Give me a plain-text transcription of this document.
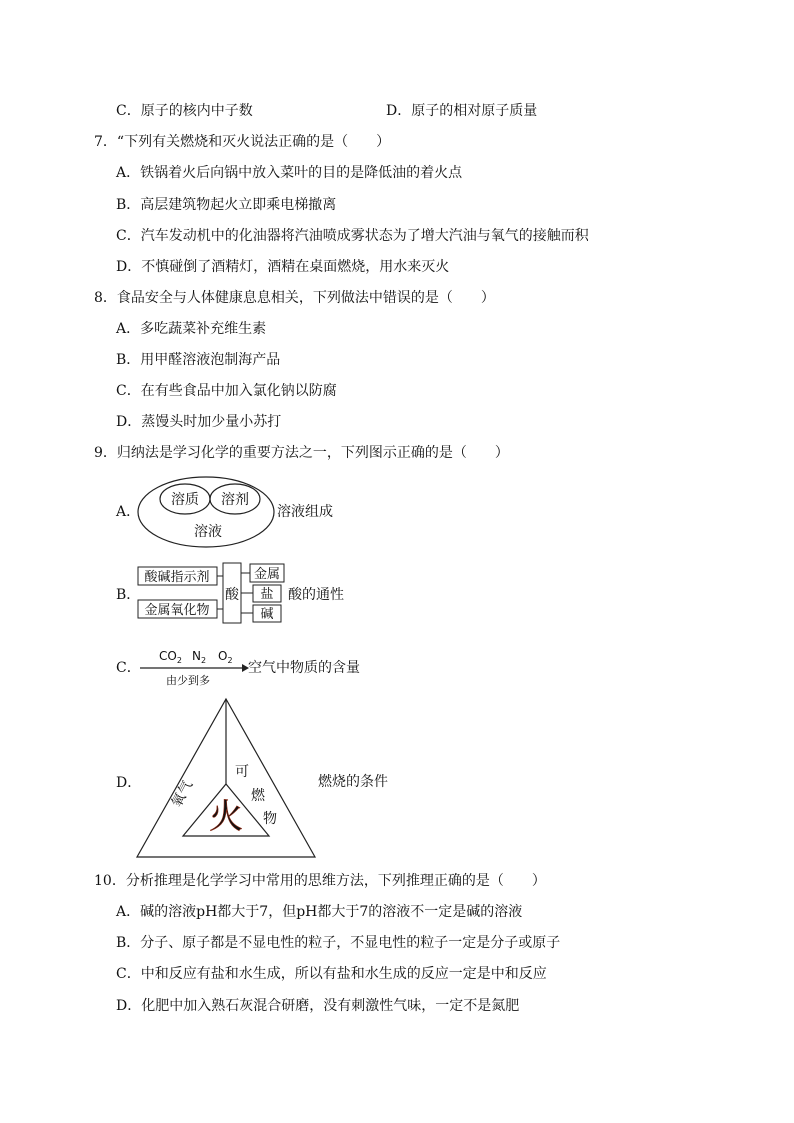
C．原子的核内中子数	D．原子的相对原子质量
7．“下列有关燃烧和灭火说法正确的是（　　）
A．铁锅着火后向锅中放入菜叶的目的是降低油的着火点
B．高层建筑物起火立即乘电梯撤离
C．汽车发动机中的化油器将汽油喷成雾状态为了增大汽油与氧气的接触而积
D．不慎碰倒了酒精灯，酒精在桌面燃烧，用水来灭火
8．食品安全与人体健康息息相关，下列做法中错误的是（　　）
A．多吃蔬菜补充维生素
B．用甲醛溶液泡制海产品
C．在有些食品中加入氯化钠以防腐
D．蒸馒头时加少量小苏打
9．归纳法是学习化学的重要方法之一，下列图示正确的是（　　）
A．
溶质 溶剂
溶液
溶液组成
B．
酸碱指示剂
金属氧化物
酸
金属
盐
碱
酸的通性
C．
$CO_2$ $N_2$ $O_2$
由少到多
空气中物质的含量
D． 氧气
可
燃
物
火
燃烧的条件
10．分析推理是化学学习中常用的思维方法，下列推理正确的是（　　）
A．碱的溶液pH都大于7，但pH都大于7的溶液不一定是碱的溶液
B．分子、原子都是不显电性的粒子，不显电性的粒子一定是分子或原子
C．中和反应有盐和水生成，所以有盐和水生成的反应一定是中和反应
D．化肥中加入熟石灰混合研磨，没有刺激性气味，一定不是氮肥
